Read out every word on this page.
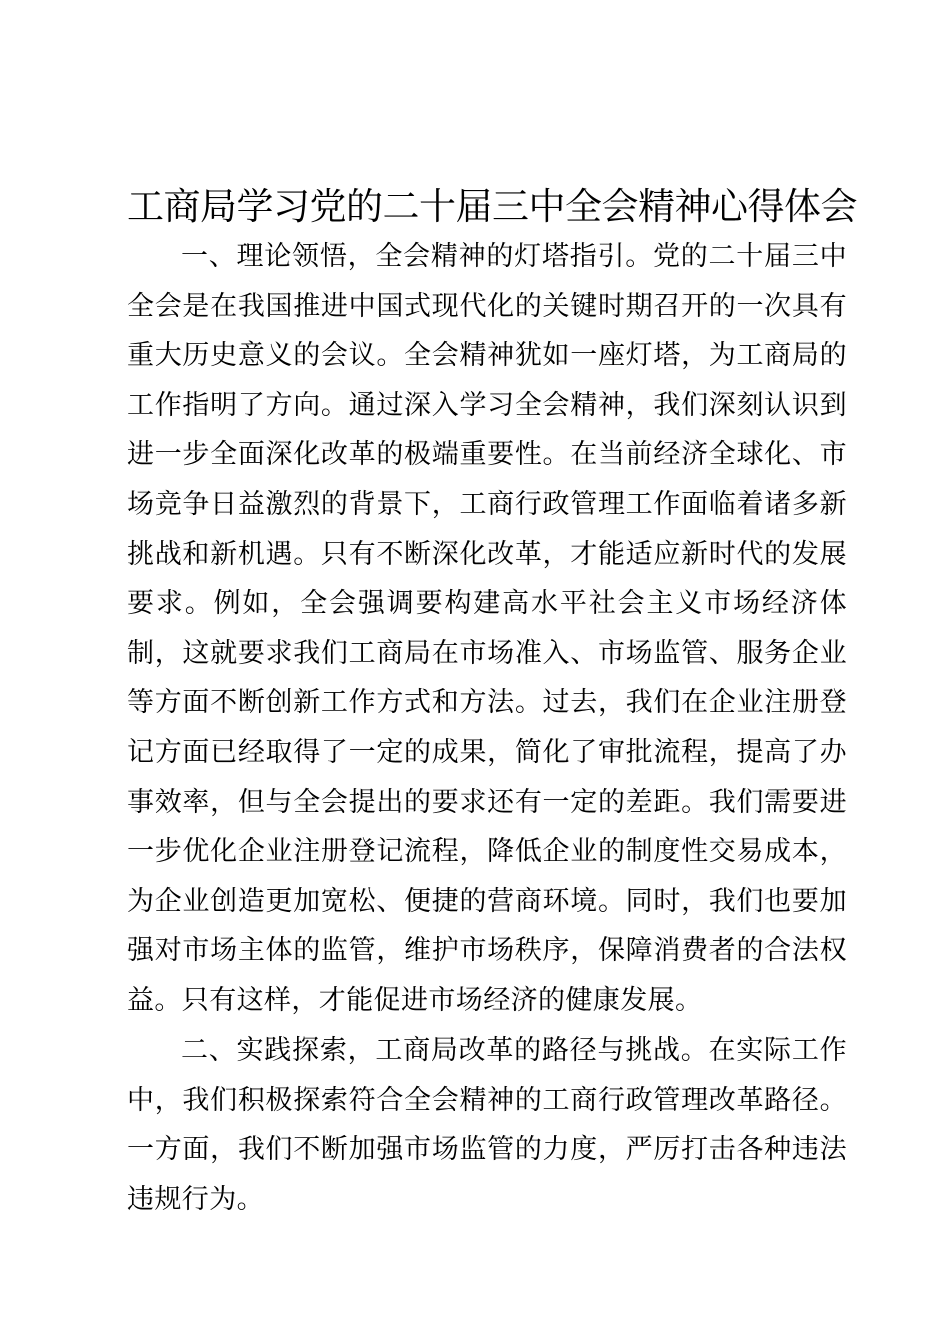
工商局学习党的二十届三中全会精神心得体会

一、理论领悟，全会精神的灯塔指引。党的二十届三中全会是在我国推进中国式现代化的关键时期召开的一次具有重大历史意义的会议。全会精神犹如一座灯塔，为工商局的工作指明了方向。通过深入学习全会精神，我们深刻认识到进一步全面深化改革的极端重要性。在当前经济全球化、市场竞争日益激烈的背景下，工商行政管理工作面临着诸多新挑战和新机遇。只有不断深化改革，才能适应新时代的发展要求。例如，全会强调要构建高水平社会主义市场经济体制，这就要求我们工商局在市场准入、市场监管、服务企业等方面不断创新工作方式和方法。过去，我们在企业注册登记方面已经取得了一定的成果，简化了审批流程，提高了办事效率，但与全会提出的要求还有一定的差距。我们需要进一步优化企业注册登记流程，降低企业的制度性交易成本，为企业创造更加宽松、便捷的营商环境。同时，我们也要加强对市场主体的监管，维护市场秩序，保障消费者的合法权益。只有这样，才能促进市场经济的健康发展。

二、实践探索，工商局改革的路径与挑战。在实际工作中，我们积极探索符合全会精神的工商行政管理改革路径。一方面，我们不断加强市场监管的力度，严厉打击各种违法违规行为。
